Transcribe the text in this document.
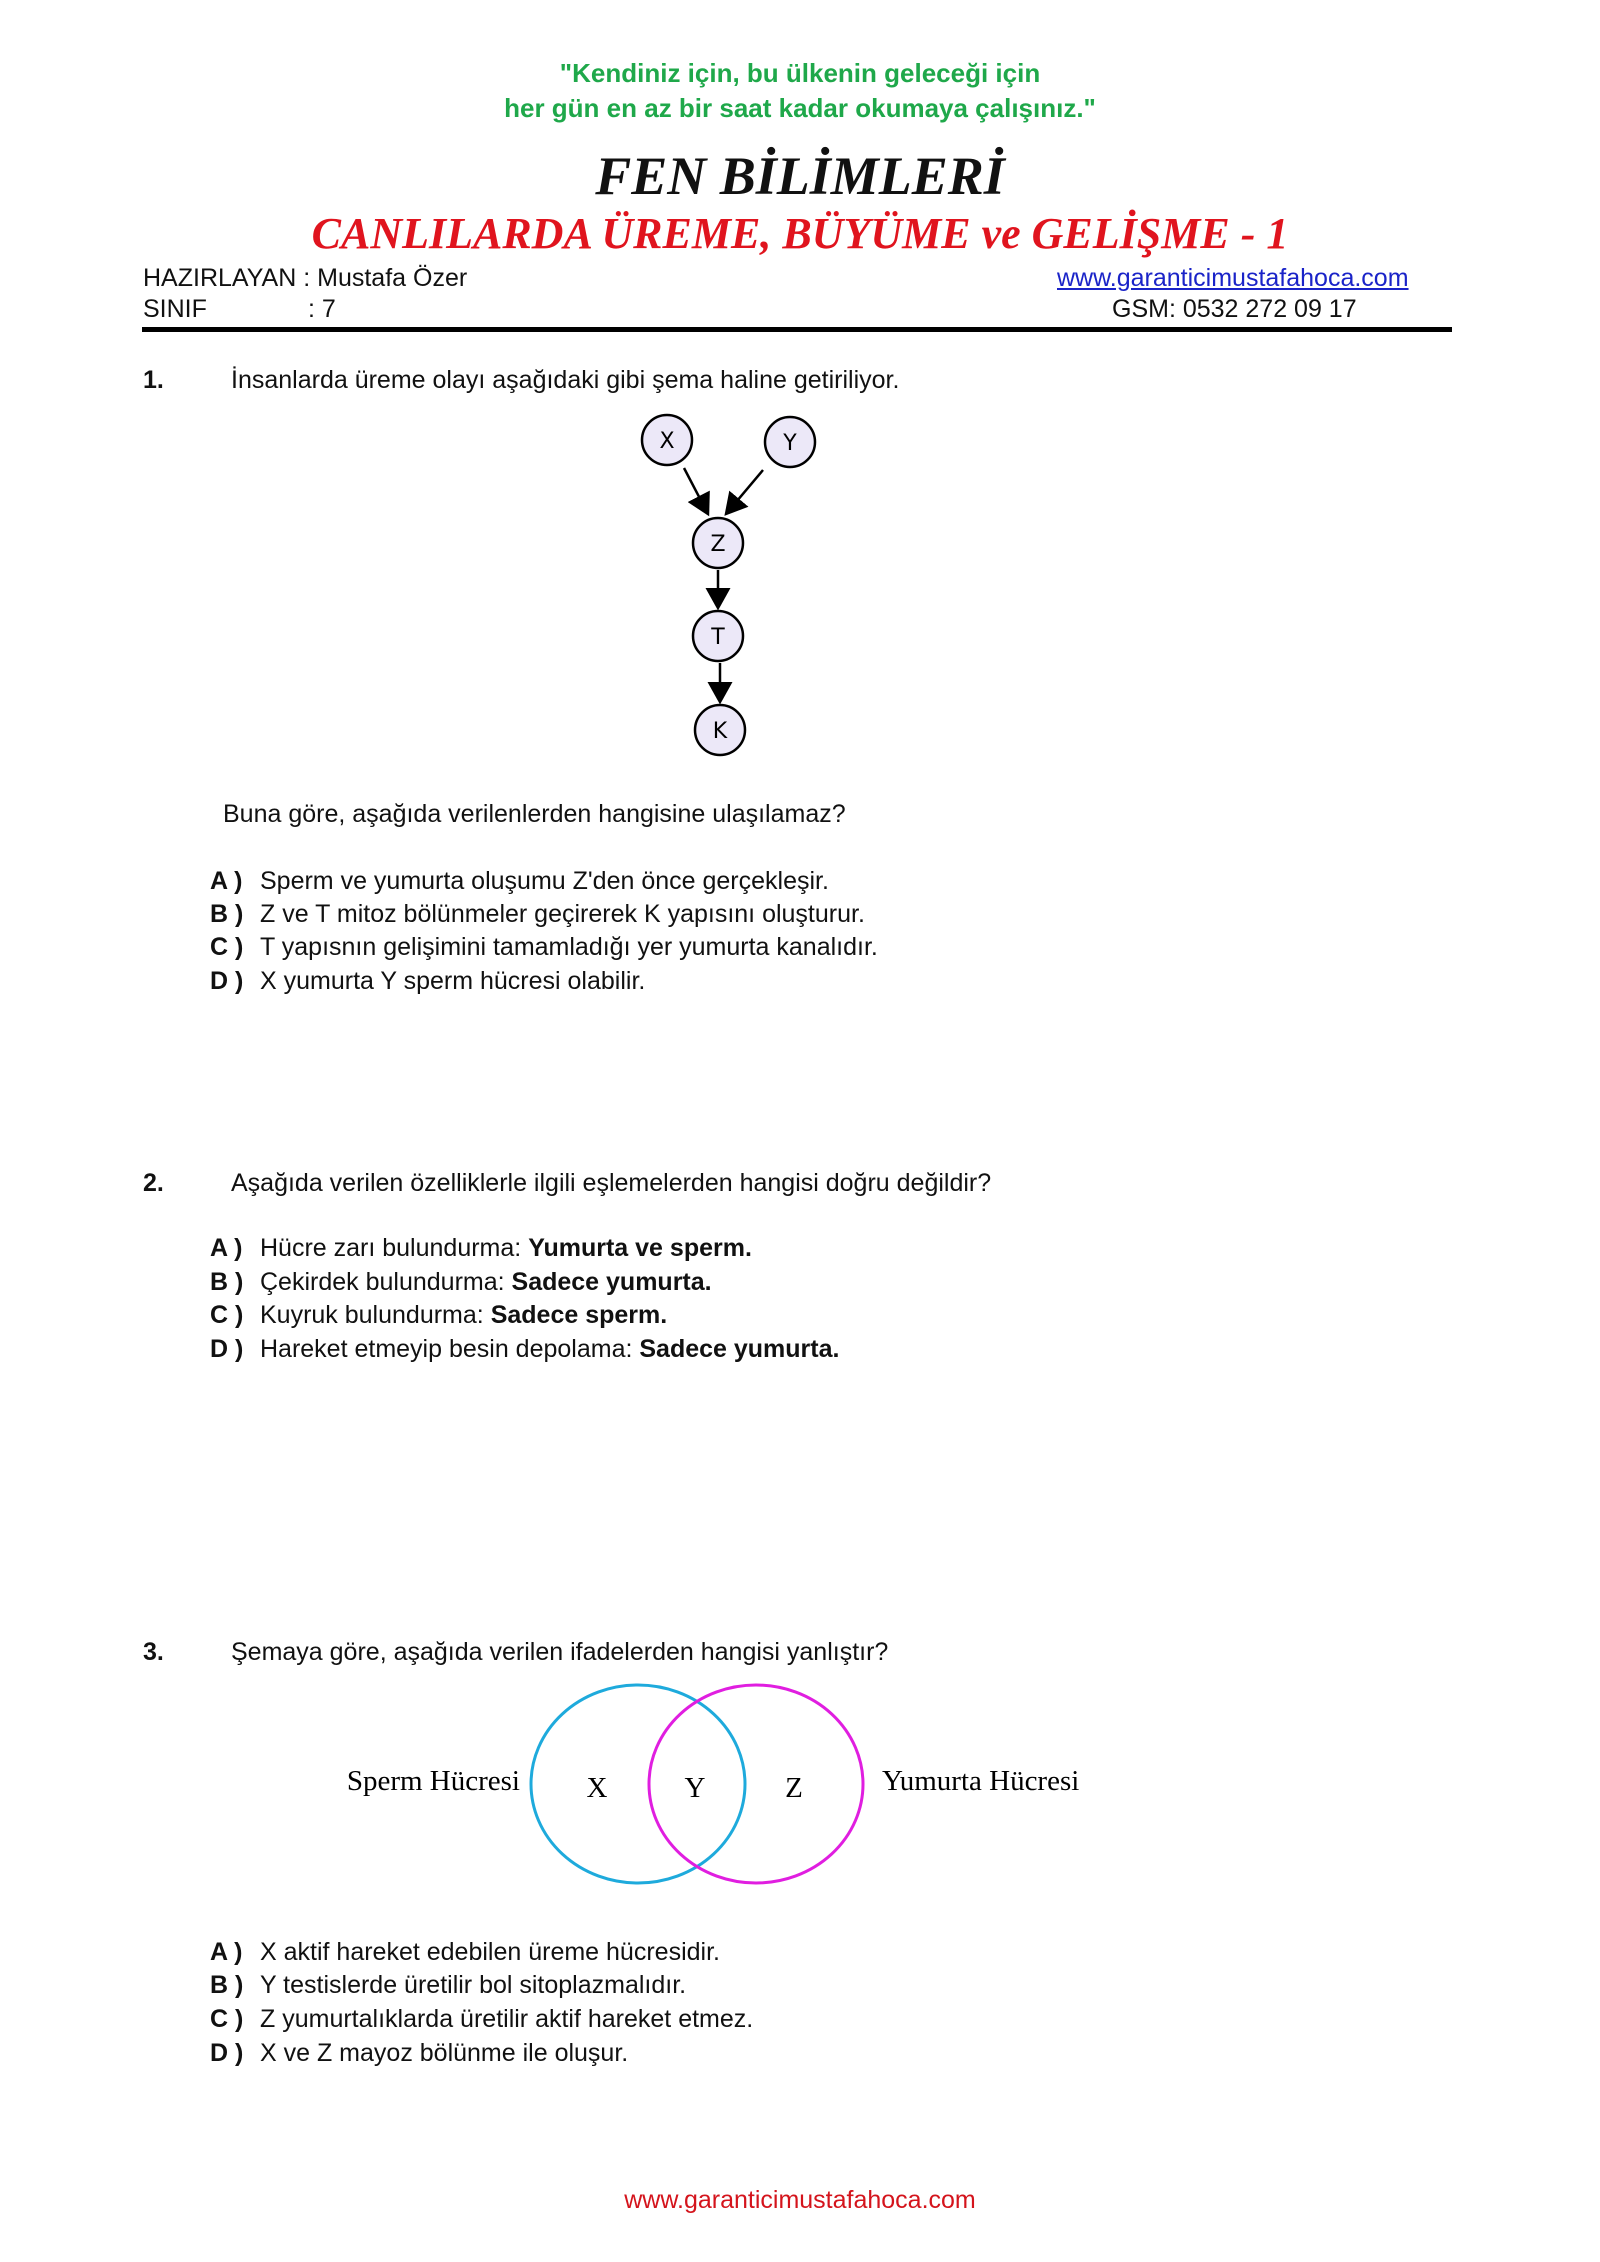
"Kendiniz için, bu ülkenin geleceği için
her gün en az bir saat kadar okumaya çalışınız."
FEN BİLİMLERİ
CANLILARDA ÜREME, BÜYÜME ve GELİŞME - 1
HAZIRLAYAN : Mustafa Özer
SINIF	: 7
www.garanticimustafahoca.com
GSM: 0532 272 09 17
1.	İnsanlarda üreme olayı aşağıdaki gibi şema haline getiriliyor.
X	Y
Z
T
K
Buna göre, aşağıda verilenlerden hangisine ulaşılamaz?
A ) Sperm ve yumurta oluşumu Z'den önce gerçekleşir.
B ) Z ve T mitoz bölünmeler geçirerek K yapısını oluşturur.
C ) T yapısnın gelişimini tamamladığı yer yumurta kanalıdır.
D ) X yumurta Y sperm hücresi olabilir.
2.	Aşağıda verilen özelliklerle ilgili eşlemelerden hangisi doğru değildir?
A ) Hücre zarı bulundurma: Yumurta ve sperm.
B ) Çekirdek bulundurma: Sadece yumurta.
C ) Kuyruk bulundurma: Sadece sperm.
D ) Hareket etmeyip besin depolama: Sadece yumurta.
3.	Şemaya göre, aşağıda verilen ifadelerden hangisi yanlıştır?
Sperm Hücresi	Yumurta Hücresi
X	Y	Z
A ) X aktif hareket edebilen üreme hücresidir.
B ) Y testislerde üretilir bol sitoplazmalıdır.
C ) Z yumurtalıklarda üretilir aktif hareket etmez.
D ) X ve Z mayoz bölünme ile oluşur.
www.garanticimustafahoca.com
